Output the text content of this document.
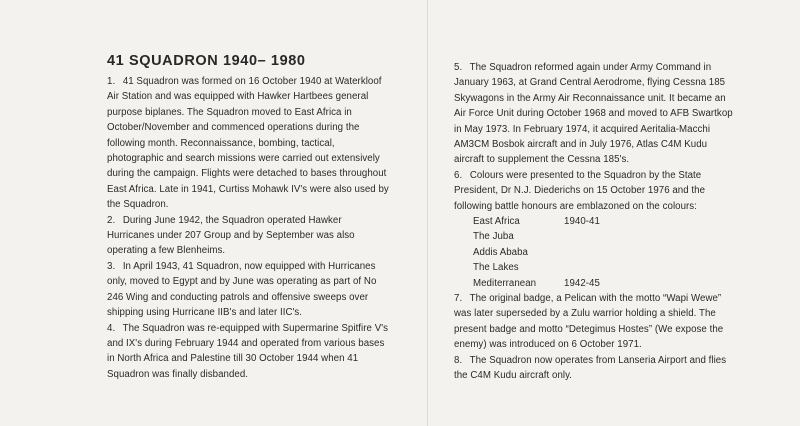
41 SQUADRON 1940– 1980

1.  41 Squadron was formed on 16 October 1940 at Waterkloof Air Station and was equipped with Hawker Hartbees general purpose biplanes. The Squadron moved to East Africa in October/November and commenced operations during the following month. Reconnaissance, bombing, tactical, photographic and search missions were carried out extensively during the campaign. Flights were detached to bases throughout East Africa. Late in 1941, Curtiss Mohawk IV's were also used by the Squadron.

2.  During June 1942, the Squadron operated Hawker Hurricanes under 207 Group and by September was also operating a few Blenheims.

3.  In April 1943, 41 Squadron, now equipped with Hurricanes only, moved to Egypt and by June was operating as part of No 246 Wing and conducting patrols and offensive sweeps over shipping using Hurricane IIB's and later IIC's.

4.  The Squadron was re-equipped with Supermarine Spitfire V's and IX's during February 1944 and operated from various bases in North Africa and Palestine till 30 October 1944 when 41 Squadron was finally disbanded.

5.  The Squadron reformed again under Army Command in January 1963, at Grand Central Aerodrome, flying Cessna 185 Skywagons in the Army Air Reconnaissance unit. It became an Air Force Unit during October 1968 and moved to AFB Swartkop in May 1973. In February 1974, it acquired Aeritalia-Macchi AM3CM Bosbok aircraft and in July 1976, Atlas C4M Kudu aircraft to supplement the Cessna 185's.

6.  Colours were presented to the Squadron by the State President, Dr N.J. Diederichs on 15 October 1976 and the following battle honours are emblazoned on the colours:

East Africa	1940-41
The Juba
Addis Ababa
The Lakes
Mediterranean	1942-45

7.  The original badge, a Pelican with the motto “Wapi Wewe” was later superseded by a Zulu warrior holding a shield. The present badge and motto “Detegimus Hostes” (We expose the enemy) was introduced on 6 October 1971.

8.  The Squadron now operates from Lanseria Airport and flies the C4M Kudu aircraft only.
